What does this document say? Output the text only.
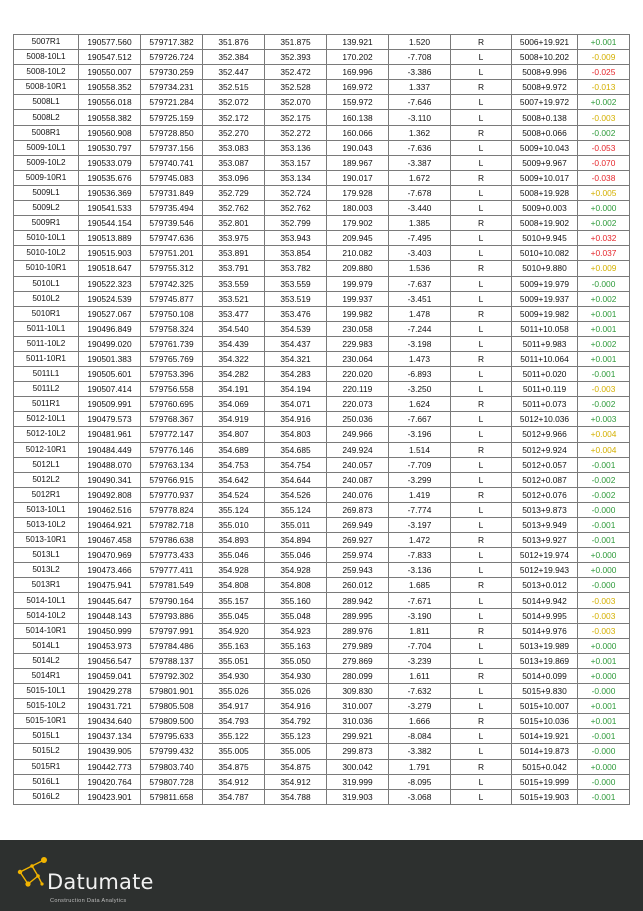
5007R1	190577.560	579717.382	351.876	351.875	139.921	1.520	R	5006+19.921	+0.001
5008-10L1	190547.512	579726.724	352.384	352.393	170.202	-7.708	L	5008+10.202	-0.009
5008-10L2	190550.007	579730.259	352.447	352.472	169.996	-3.386	L	5008+9.996	-0.025
5008-10R1	190558.352	579734.231	352.515	352.528	169.972	1.337	R	5008+9.972	-0.013
5008L1	190556.018	579721.284	352.072	352.070	159.972	-7.646	L	5007+19.972	+0.002
5008L2	190558.382	579725.159	352.172	352.175	160.138	-3.110	L	5008+0.138	-0.003
5008R1	190560.908	579728.850	352.270	352.272	160.066	1.362	R	5008+0.066	-0.002
5009-10L1	190530.797	579737.156	353.083	353.136	190.043	-7.636	L	5009+10.043	-0.053
5009-10L2	190533.079	579740.741	353.087	353.157	189.967	-3.387	L	5009+9.967	-0.070
5009-10R1	190535.676	579745.083	353.096	353.134	190.017	1.672	R	5009+10.017	-0.038
5009L1	190536.369	579731.849	352.729	352.724	179.928	-7.678	L	5008+19.928	+0.005
5009L2	190541.533	579735.494	352.762	352.762	180.003	-3.440	L	5009+0.003	+0.000
5009R1	190544.154	579739.546	352.801	352.799	179.902	1.385	R	5008+19.902	+0.002
5010-10L1	190513.889	579747.636	353.975	353.943	209.945	-7.495	L	5010+9.945	+0.032
5010-10L2	190515.903	579751.201	353.891	353.854	210.082	-3.403	L	5010+10.082	+0.037
5010-10R1	190518.647	579755.312	353.791	353.782	209.880	1.536	R	5010+9.880	+0.009
5010L1	190522.323	579742.325	353.559	353.559	199.979	-7.637	L	5009+19.979	-0.000
5010L2	190524.539	579745.877	353.521	353.519	199.937	-3.451	L	5009+19.937	+0.002
5010R1	190527.067	579750.108	353.477	353.476	199.982	1.478	R	5009+19.982	+0.001
5011-10L1	190496.849	579758.324	354.540	354.539	230.058	-7.244	L	5011+10.058	+0.001
5011-10L2	190499.020	579761.739	354.439	354.437	229.983	-3.198	L	5011+9.983	+0.002
5011-10R1	190501.383	579765.769	354.322	354.321	230.064	1.473	R	5011+10.064	+0.001
5011L1	190505.601	579753.396	354.282	354.283	220.020	-6.893	L	5011+0.020	-0.001
5011L2	190507.414	579756.558	354.191	354.194	220.119	-3.250	L	5011+0.119	-0.003
5011R1	190509.991	579760.695	354.069	354.071	220.073	1.624	R	5011+0.073	-0.002
5012-10L1	190479.573	579768.367	354.919	354.916	250.036	-7.667	L	5012+10.036	+0.003
5012-10L2	190481.961	579772.147	354.807	354.803	249.966	-3.196	L	5012+9.966	+0.004
5012-10R1	190484.449	579776.146	354.689	354.685	249.924	1.514	R	5012+9.924	+0.004
5012L1	190488.070	579763.134	354.753	354.754	240.057	-7.709	L	5012+0.057	-0.001
5012L2	190490.341	579766.915	354.642	354.644	240.087	-3.299	L	5012+0.087	-0.002
5012R1	190492.808	579770.937	354.524	354.526	240.076	1.419	R	5012+0.076	-0.002
5013-10L1	190462.516	579778.824	355.124	355.124	269.873	-7.774	L	5013+9.873	-0.000
5013-10L2	190464.921	579782.718	355.010	355.011	269.949	-3.197	L	5013+9.949	-0.001
5013-10R1	190467.458	579786.638	354.893	354.894	269.927	1.472	R	5013+9.927	-0.001
5013L1	190470.969	579773.433	355.046	355.046	259.974	-7.833	L	5012+19.974	+0.000
5013L2	190473.466	579777.411	354.928	354.928	259.943	-3.136	L	5012+19.943	+0.000
5013R1	190475.941	579781.549	354.808	354.808	260.012	1.685	R	5013+0.012	-0.000
5014-10L1	190445.647	579790.164	355.157	355.160	289.942	-7.671	L	5014+9.942	-0.003
5014-10L2	190448.143	579793.886	355.045	355.048	289.995	-3.190	L	5014+9.995	-0.003
5014-10R1	190450.999	579797.991	354.920	354.923	289.976	1.811	R	5014+9.976	-0.003
5014L1	190453.973	579784.486	355.163	355.163	279.989	-7.704	L	5013+19.989	+0.000
5014L2	190456.547	579788.137	355.051	355.050	279.869	-3.239	L	5013+19.869	+0.001
5014R1	190459.041	579792.302	354.930	354.930	280.099	1.611	R	5014+0.099	+0.000
5015-10L1	190429.278	579801.901	355.026	355.026	309.830	-7.632	L	5015+9.830	-0.000
5015-10L2	190431.721	579805.508	354.917	354.916	310.007	-3.279	L	5015+10.007	+0.001
5015-10R1	190434.640	579809.500	354.793	354.792	310.036	1.666	R	5015+10.036	+0.001
5015L1	190437.134	579795.633	355.122	355.123	299.921	-8.084	L	5014+19.921	-0.001
5015L2	190439.905	579799.432	355.005	355.005	299.873	-3.382	L	5014+19.873	-0.000
5015R1	190442.773	579803.740	354.875	354.875	300.042	1.791	R	5015+0.042	+0.000
5016L1	190420.764	579807.728	354.912	354.912	319.999	-8.095	L	5015+19.999	-0.000
5016L2	190423.901	579811.658	354.787	354.788	319.903	-3.068	L	5015+19.903	-0.001
Datumate
Construction Data Analytics
